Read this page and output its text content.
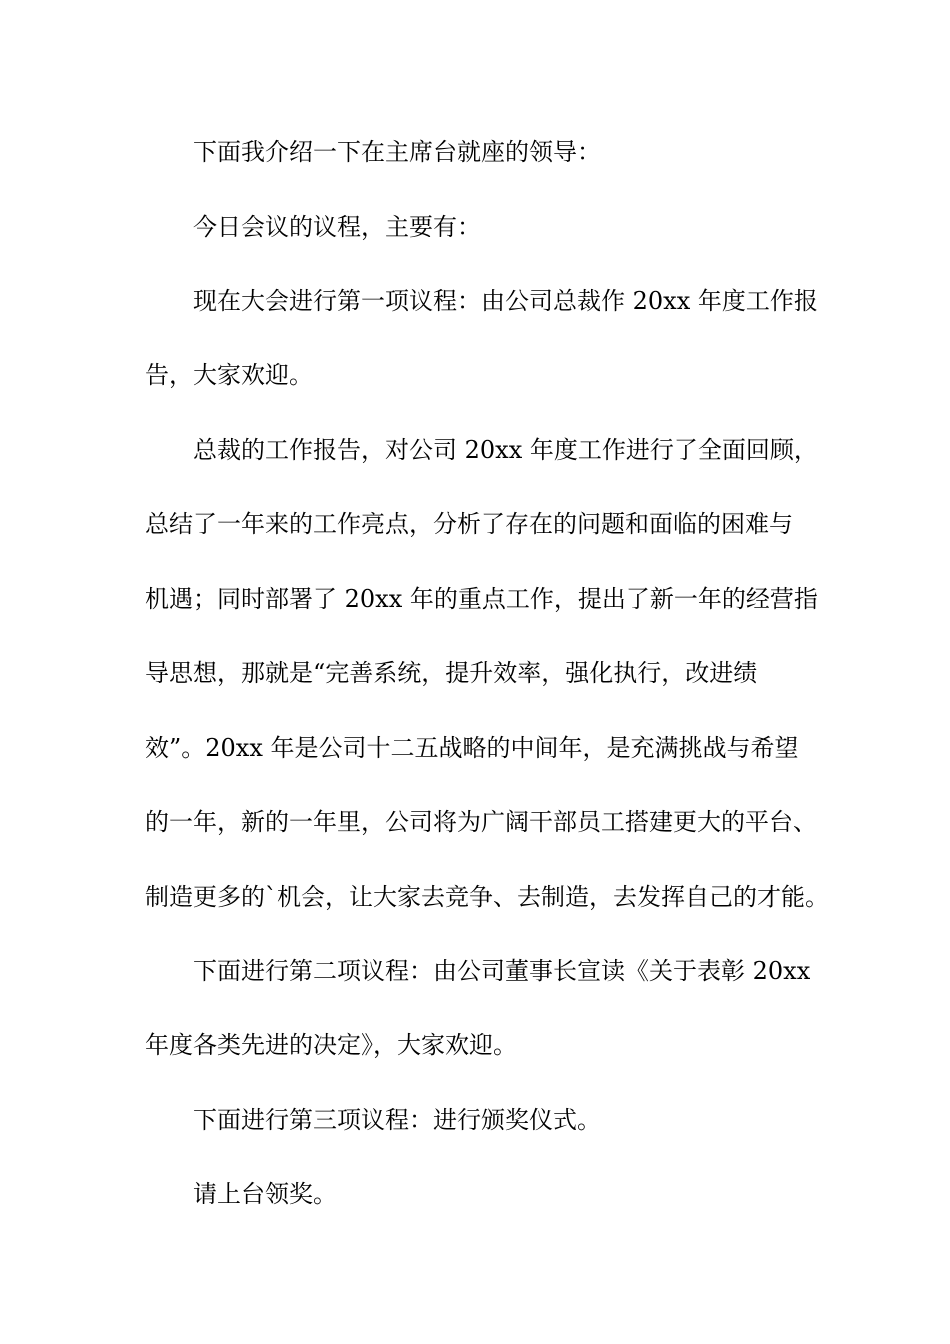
下面我介绍一下在主席台就座的领导：
今日会议的议程，主要有：
现在大会进行第一项议程：由公司总裁作 20xx 年度工作报
告，大家欢迎。
总裁的工作报告，对公司 20xx 年度工作进行了全面回顾，
总结了一年来的工作亮点，分析了存在的问题和面临的困难与
机遇；同时部署了 20xx 年的重点工作，提出了新一年的经营指
导思想，那就是“完善系统，提升效率，强化执行，改进绩
效”。20xx 年是公司十二五战略的中间年，是充满挑战与希望
的一年，新的一年里，公司将为广阔干部员工搭建更大的平台、
制造更多的`机会，让大家去竞争、去制造，去发挥自己的才能。
下面进行第二项议程：由公司董事长宣读《关于表彰 20xx
年度各类先进的决定》，大家欢迎。
下面进行第三项议程：进行颁奖仪式。
请上台领奖。
